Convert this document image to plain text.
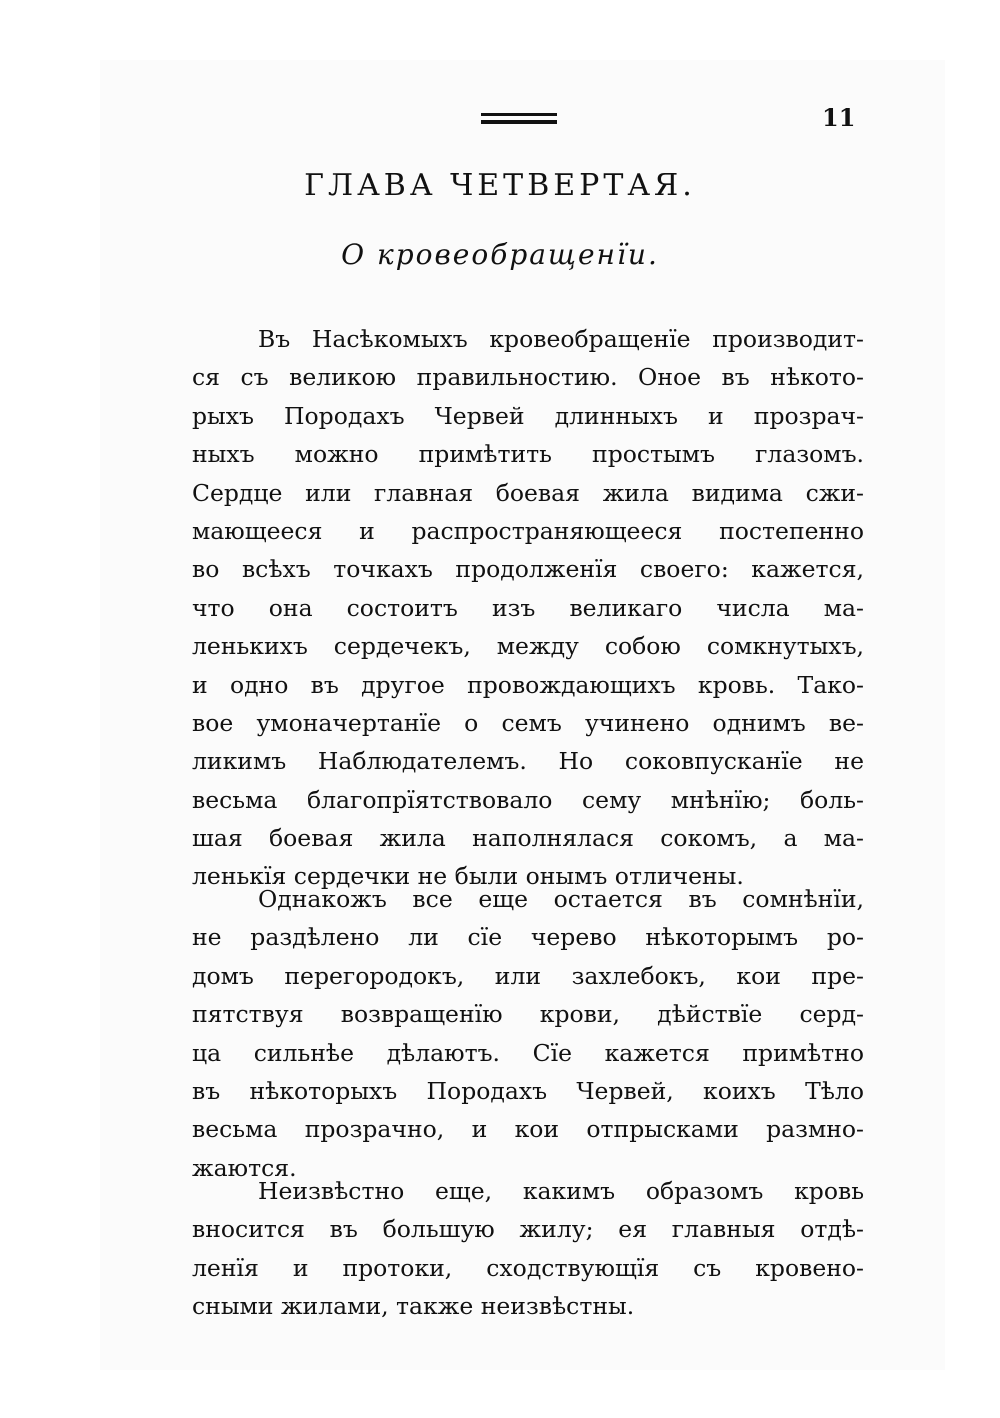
11
ГЛАВА ЧЕТВЕРТАЯ.
О кровеобращенїи.
Въ Насѣкомыхъ кровеобращенїе производит-
ся съ великою правильностию. Оное въ нѣкото-
рыхъ Породахъ Червей длинныхъ и прозрач-
ныхъ можно примѣтить простымъ глазомъ.
Сердце или главная боевая жила видима сжи-
мающееся и распространяющееся постепенно
во всѣхъ точкахъ продолженїя своего: кажется,
что она состоитъ изъ великаго числа ма-
ленькихъ сердечекъ, между собою сомкнутыхъ,
и одно въ другое провождающихъ кровь. Тако-
вое умоначертанїе о семъ учинено однимъ ве-
ликимъ Наблюдателемъ. Но соковпусканїе не
весьма благопрїятствовало сему мнѣнїю; боль-
шая боевая жила наполнялася сокомъ, а ма-
ленькїя сердечки не были онымъ отличены.
Однакожъ все еще остается въ сомнѣнїи,
не раздѣлено ли сїе черево нѣкоторымъ ро-
домъ перегородокъ, или захлебокъ, кои пре-
пятствуя возвращенїю крови, дѣйствїе серд-
ца сильнѣе дѣлаютъ. Сїе кажется примѣтно
въ нѣкоторыхъ Породахъ Червей, коихъ Тѣло
весьма прозрачно, и кои отпрысками размно-
жаются.
Неизвѣстно еще, какимъ образомъ кровь
вносится въ большую жилу; ея главныя отдѣ-
ленїя и протоки, сходствующїя съ кровено-
сными жилами, также неизвѣстны.
